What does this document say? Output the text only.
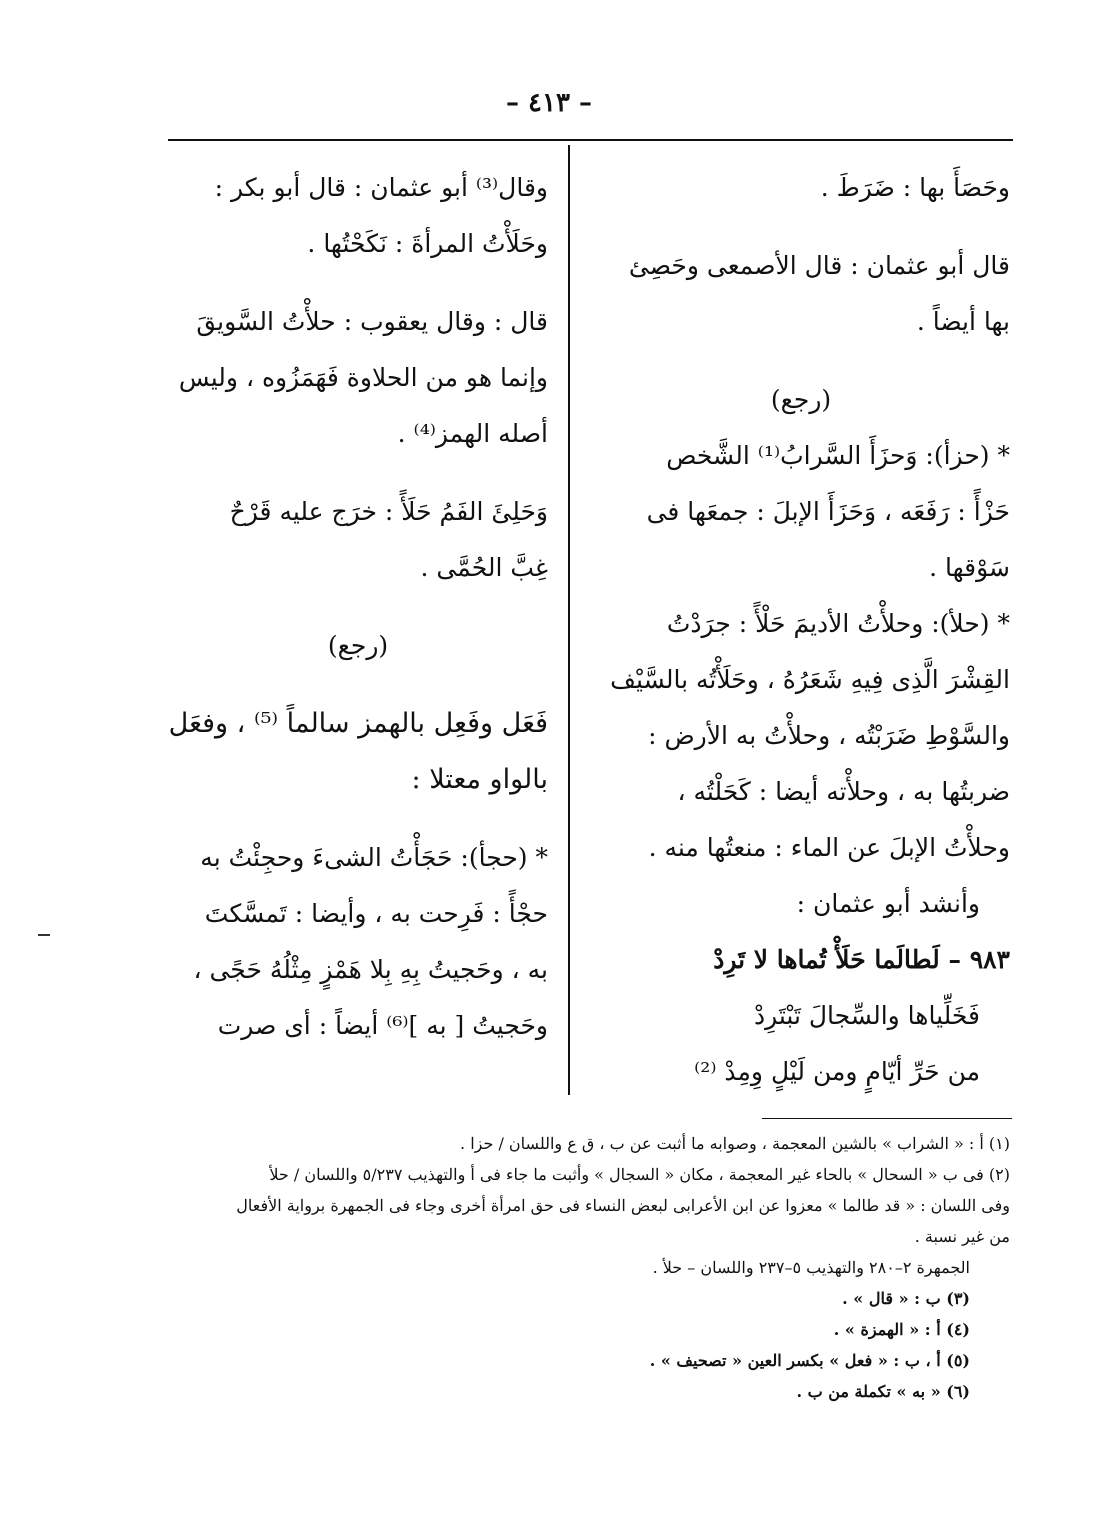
– ٤١٣ –

وحَصَأَ بها : ضَرَطَ .

قال أبو عثمان : قال الأصمعى وحَصِئ

بها أيضاً .

(رجع)

* (حزأ): وَحزَأَ السَّرابُ⁽¹⁾ الشَّخص

حَزْأً : رَفَعَه ، وَحَزَأَ الإبلَ : جمعَها فى

سَوْقها .

* (حلأ): وحلأْتُ الأديمَ حَلْأً : جرَدْتُ

القِشْرَ الَّذِى فِيهِ شَعَرُهُ ، وحَلَأْتُه بالسَّيْف

والسَّوْطِ ضَرَبْتُه ، وحلأْتُ به الأرض :

ضربتُها به ، وحلأْته أيضا : كَحَلْتُه ،

وحلأْتُ الإبلَ عن الماء : منعتُها منه .

وأنشد أبو عثمان :

٩٨٣ – لَطالَما حَلَأْ تُماها لا تَرِدْ

فَخَلِّياها والسِّجالَ تَبْتَرِدْ

من حَرِّ أيّامٍ ومن لَيْلٍ وِمِدْ ⁽²⁾

وقال⁽³⁾ أبو عثمان : قال أبو بكر :

وحَلَأْتُ المرأةَ : نَكَحْتُها .

قال : وقال يعقوب : حلأْتُ السَّويقَ

وإنما هو من الحلاوة فَهَمَزُوه ، وليس

أصله الهمز⁽⁴⁾ .

وَحَلِئَ الفَمُ حَلَأً : خرَج عليه قَرْحٌ

غِبَّ الحُمَّى .

(رجع)

فَعَل وفَعِل بالهمز سالماً ⁽⁵⁾ ، وفعَل

بالواو معتلا :

* (حجأ): حَجَأْتُ الشىءَ وحجِئْتُ به

حجْأً : فَرِحت به ، وأيضا : تَمسَّكتَ

به ، وحَجيتُ بِهِ بِلا هَمْزٍ مِثْلُهُ حَجًى ،

وحَجيتُ [ به ]⁽⁶⁾ أيضاً : أى صرت

(١) أ : « الشراب » بالشين المعجمة ، وصوابه ما أثبت عن ب ، ق ع واللسان / حزا .

(٢) فى ب « السحال » بالحاء غير المعجمة ، مكان « السجال » وأثبت ما جاء فى أ والتهذيب ٥/٢٣٧ واللسان / حلأ

وفى اللسان : « قد طالما » معزوا عن ابن الأعرابى لبعض النساء فى حق امرأة أخرى وجاء فى الجمهرة برواية الأفعال

من غير نسبة .

الجمهرة ٢–٢٨٠ والتهذيب ٥–٢٣٧ واللسان – حلأ .

(٣) ب : « قال » .

(٤) أ : « الهمزة » .

(٥) أ ، ب : « فعل » بكسر العين « تصحيف » .

(٦) « به » تكملة من ب .
